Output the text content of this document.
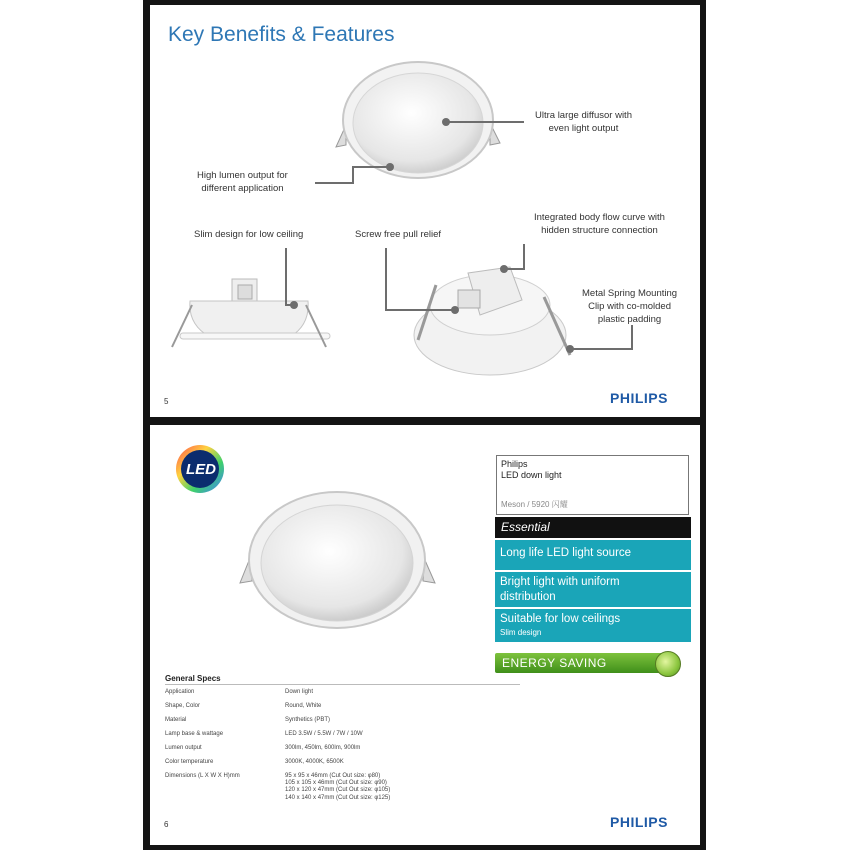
Key Benefits & Features
Ultra large diffusor with
even light output
High lumen output for
different application
Slim design for low ceiling	Screw free pull relief
Integrated body flow curve with
hidden structure connection
Metal Spring Mounting
Clip with co-molded
plastic padding
5	PHILIPS
LED	Philips
LED down light
Meson / 5920 闪耀
Essential
Long life LED light source
Bright light with uniform distribution
Suitable for low ceilings
Slim design
ENERGY SAVING
General Specs
Application	Down light
Shape, Color	Round, White
Material	Synthetics (PBT)
Lamp base & wattage	LED 3.5W / 5.5W / 7W / 10W
Lumen output	300lm, 450lm, 600lm, 900lm
Color temperature	3000K, 4000K, 6500K
Dimensions (L X W X H)mm	95 x 95 x 46mm (Cut Out size: φ80)
105 x 105 x 46mm (Cut Out size: φ90)
120 x 120 x 47mm (Cut Out size: φ105)
140 x 140 x 47mm (Cut Out size: φ125)
6	PHILIPS
